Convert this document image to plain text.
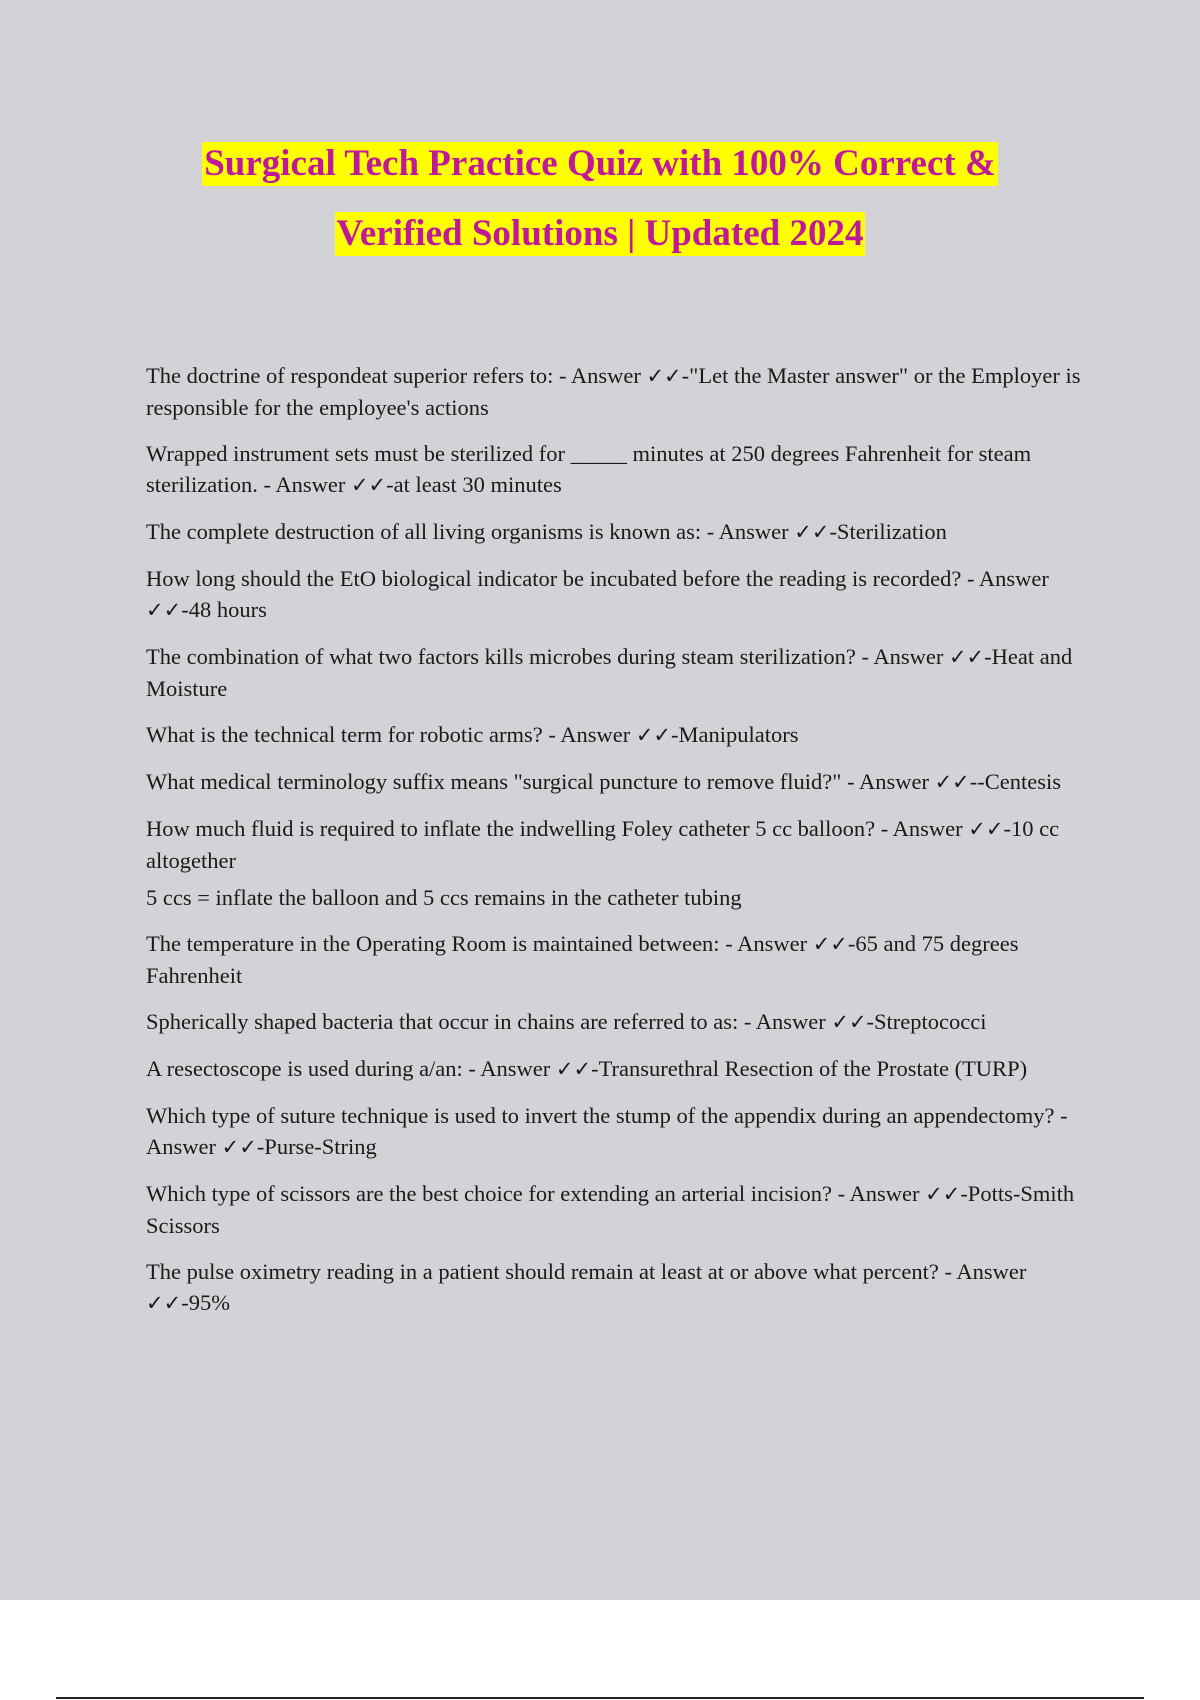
Surgical Tech Practice Quiz with 100% Correct &
Verified Solutions | Updated 2024
The doctrine of respondeat superior refers to: - Answer ✓✓-"Let the Master answer" or the Employer is responsible for the employee's actions
Wrapped instrument sets must be sterilized for _____ minutes at 250 degrees Fahrenheit for steam sterilization. - Answer ✓✓-at least 30 minutes
The complete destruction of all living organisms is known as: - Answer ✓✓-Sterilization
How long should the EtO biological indicator be incubated before the reading is recorded? - Answer ✓✓-48 hours
The combination of what two factors kills microbes during steam sterilization? - Answer ✓✓-Heat and Moisture
What is the technical term for robotic arms? - Answer ✓✓-Manipulators
What medical terminology suffix means "surgical puncture to remove fluid?" - Answer ✓✓--Centesis
How much fluid is required to inflate the indwelling Foley catheter 5 cc balloon? - Answer ✓✓-10 cc altogether
5 ccs = inflate the balloon and 5 ccs remains in the catheter tubing
The temperature in the Operating Room is maintained between: - Answer ✓✓-65 and 75 degrees Fahrenheit
Spherically shaped bacteria that occur in chains are referred to as: - Answer ✓✓-Streptococci
A resectoscope is used during a/an: - Answer ✓✓-Transurethral Resection of the Prostate (TURP)
Which type of suture technique is used to invert the stump of the appendix during an appendectomy? - Answer ✓✓-Purse-String
Which type of scissors are the best choice for extending an arterial incision? - Answer ✓✓-Potts-Smith Scissors
The pulse oximetry reading in a patient should remain at least at or above what percent? - Answer ✓✓-95%
